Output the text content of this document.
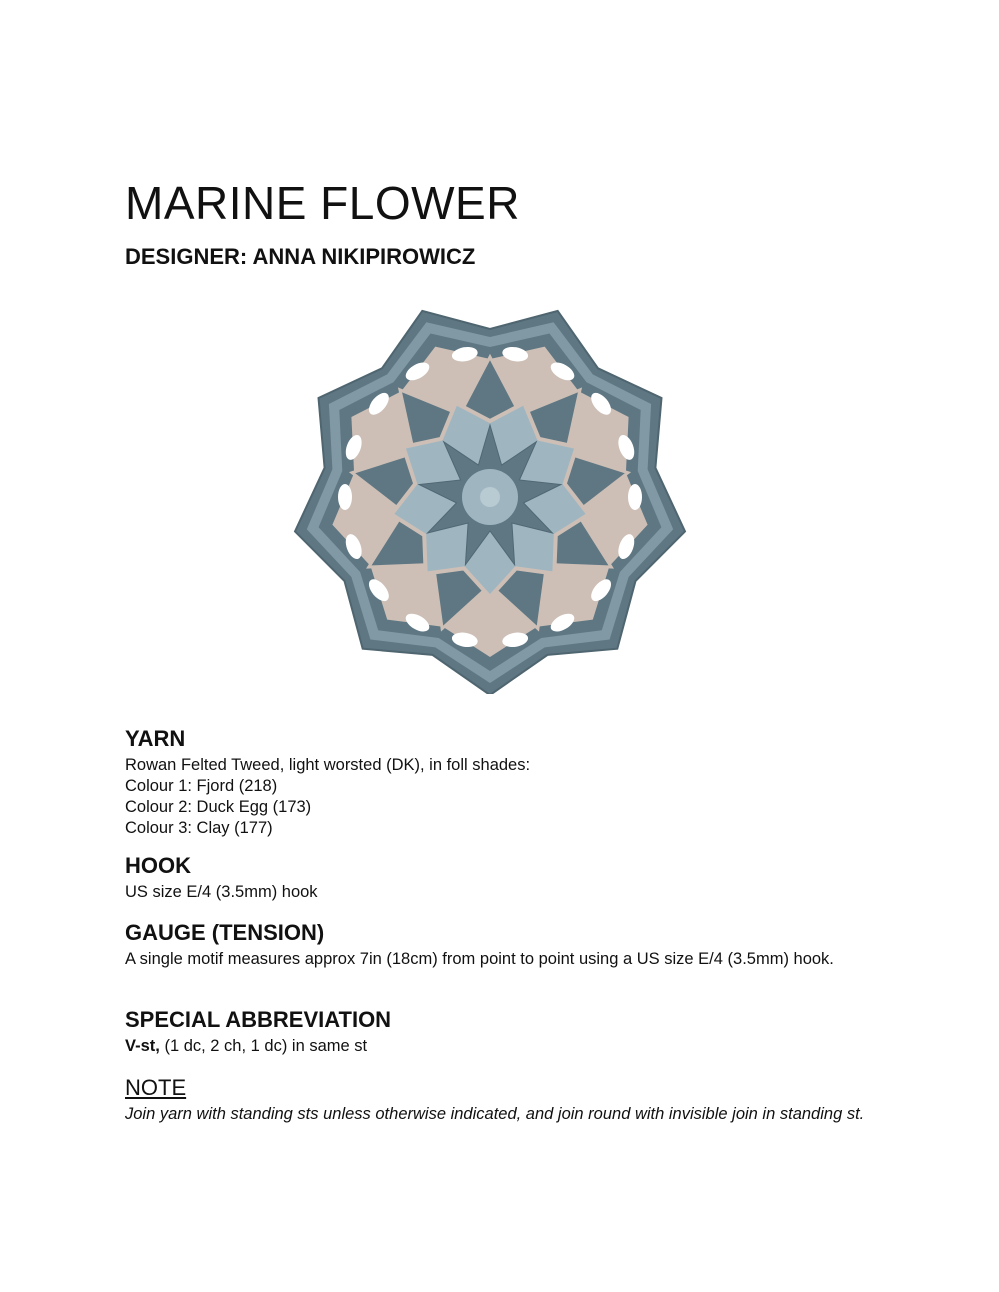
MARINE FLOWER
DESIGNER: ANNA NIKIPIROWICZ
YARN

Rowan Felted Tweed, light worsted (DK), in foll shades:

Colour 1: Fjord (218)

Colour 2: Duck Egg (173)

Colour 3: Clay (177)

HOOK

US size E/4 (3.5mm) hook

GAUGE (TENSION)

A single motif measures approx 7in (18cm) from point to point using a US size E/4 (3.5mm) hook.

SPECIAL ABBREVIATION

V-st, (1 dc, 2 ch, 1 dc) in same st

NOTE

Join yarn with standing sts unless otherwise indicated, and join round with invisible join in standing st.
